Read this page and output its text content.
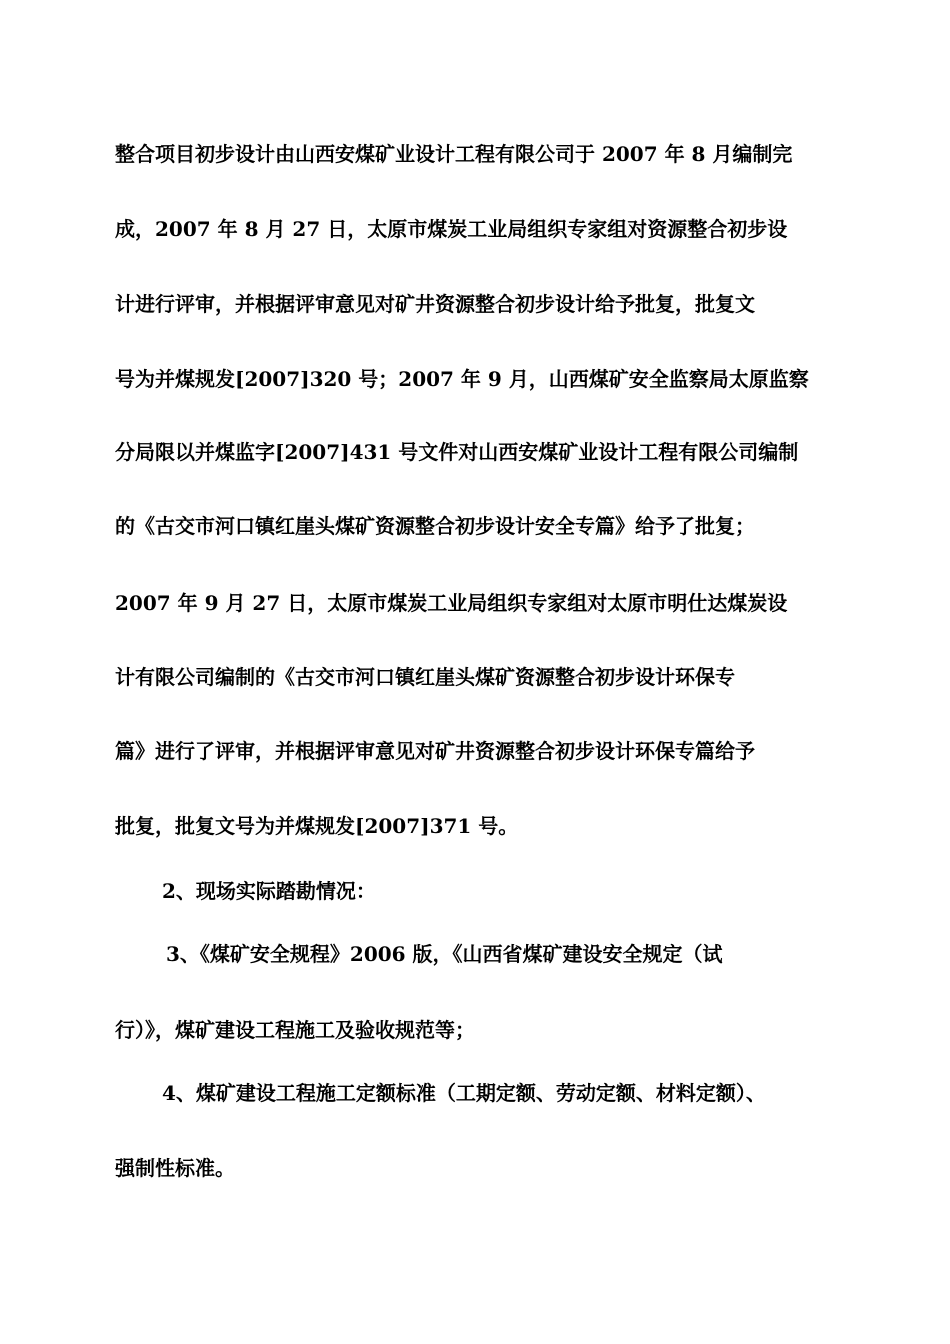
整合项目初步设计由山西安煤矿业设计工程有限公司于 2007 年 8 月编制完
成，2007 年 8 月 27 日，太原市煤炭工业局组织专家组对资源整合初步设
计进行评审，并根据评审意见对矿井资源整合初步设计给予批复，批复文
号为并煤规发[2007]320 号；2007 年 9 月，山西煤矿安全监察局太原监察
分局限以并煤监字[2007]431 号文件对山西安煤矿业设计工程有限公司编制
的《古交市河口镇红崖头煤矿资源整合初步设计安全专篇》给予了批复；
2007 年 9 月 27 日，太原市煤炭工业局组织专家组对太原市明仕达煤炭设
计有限公司编制的《古交市河口镇红崖头煤矿资源整合初步设计环保专
篇》进行了评审，并根据评审意见对矿井资源整合初步设计环保专篇给予
批复，批复文号为并煤规发[2007]371 号。
2、现场实际踏勘情况：
3、《煤矿安全规程》2006 版，《山西省煤矿建设安全规定（试
行）》，煤矿建设工程施工及验收规范等；
4、煤矿建设工程施工定额标准（工期定额、劳动定额、材料定额）、
强制性标准。
